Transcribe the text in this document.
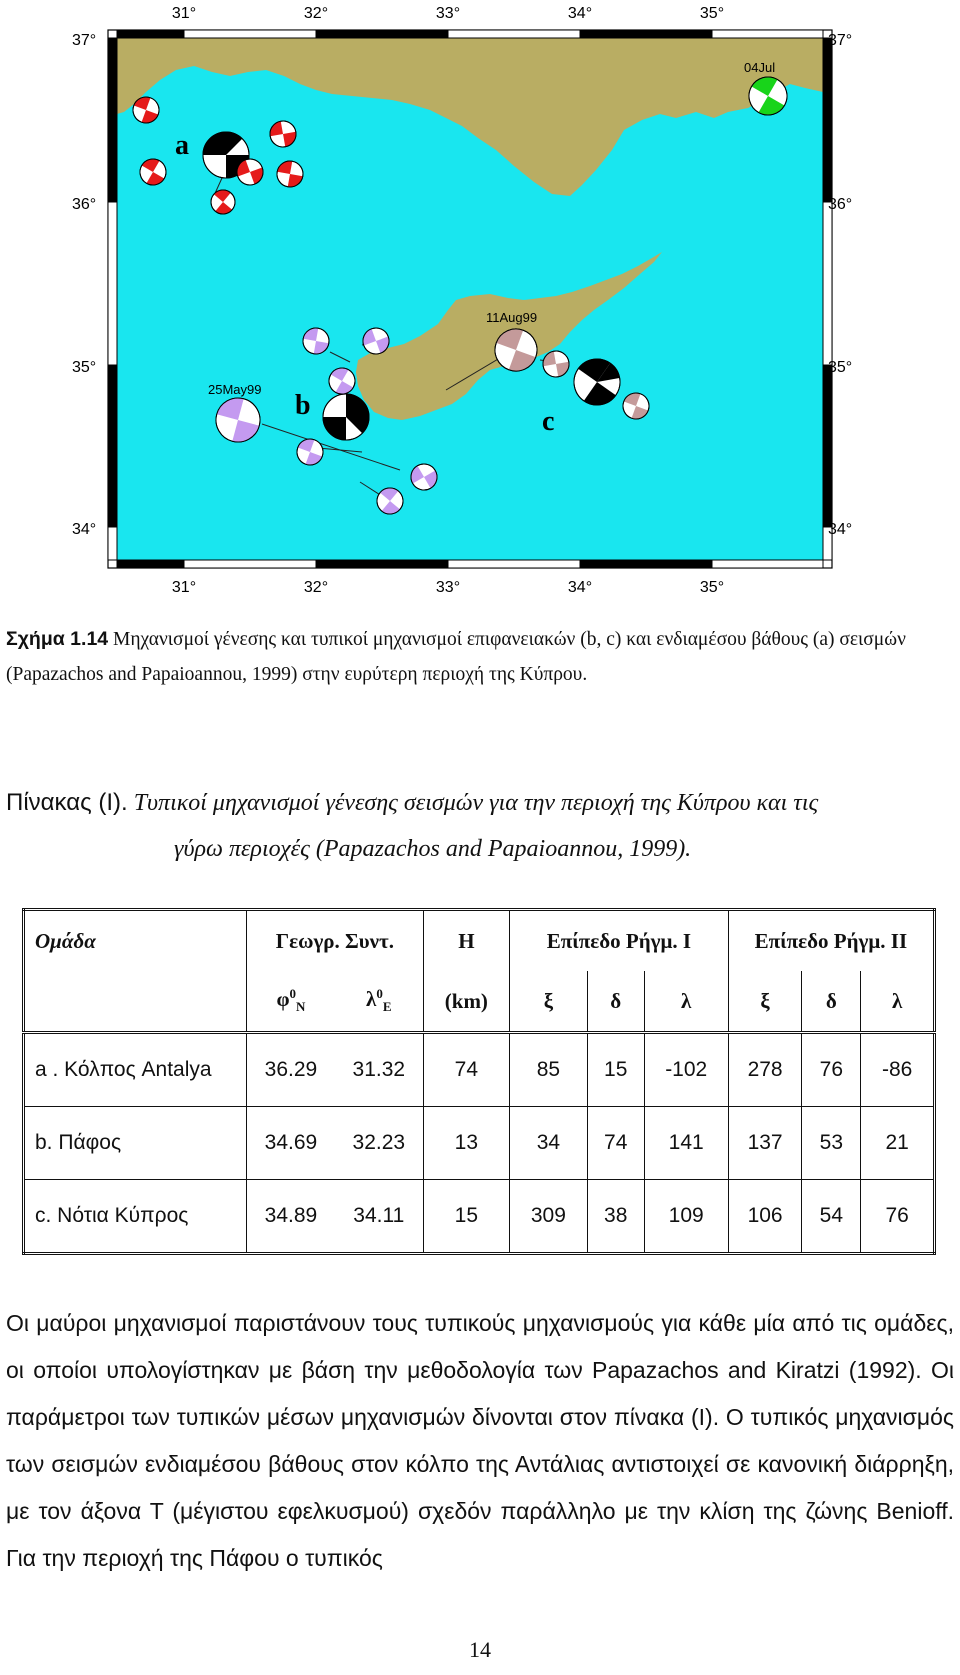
31°
31°
32°
32°
33°
33°
34°
34°
35°
35°
37°	37°
36°	36°
35°	35°
34°	34°
a
b
c
04Jul
11Aug99
25May99
Σχήμα 1.14 Μηχανισμοί γένεσης και τυπικοί μηχανισμοί επιφανειακών (b, c) και ενδιαμέσου βάθους (a) σεισμών (Papazachos and Papaioannou, 1999) στην ευρύτερη περιοχή της Κύπρου.
Πίνακας (Ι). Τυπικοί μηχανισμοί γένεσης σεισμών για την περιοχή της Κύπρου και τις
γύρω περιοχές (Papazachos and Papaioannou, 1999).
Ομάδα	Γεωγρ. Συντ.		H	Επίπεδο Ρήγμ. Ι			Επίπεδο Ρήγμ. ΙΙ		
	$\varphi^0_N$	$\lambda^0_E$	(km)	ξ	δ	λ	ξ	δ	λ
a . Κόλπος Antalya	36.29	31.32	74	85	15	-102	278	76	-86
b. Πάφος	34.69	32.23	13	34	74	141	137	53	21
c. Νότια Κύπρος	34.89	34.11	15	309	38	109	106	54	76

Οι μαύροι μηχανισμοί παριστάνουν τους τυπικούς μηχανισμούς για κάθε μία από τις ομάδες, οι οποίοι υπολογίστηκαν με βάση την μεθοδολογία των Papazachos and Kiratzi (1992). Οι παράμετροι των τυπικών μέσων μηχανισμών δίνονται στον πίνακα (Ι). Ο τυπικός μηχανισμός των σεισμών ενδιαμέσου βάθους στον κόλπο της Αντάλιας αντιστοιχεί σε κανονική διάρρηξη, με τον άξονα Τ (μέγιστου εφελκυσμού) σχεδόν παράλληλο με την κλίση της ζώνης Benioff. Για την περιοχή της Πάφου ο τυπικός

14
